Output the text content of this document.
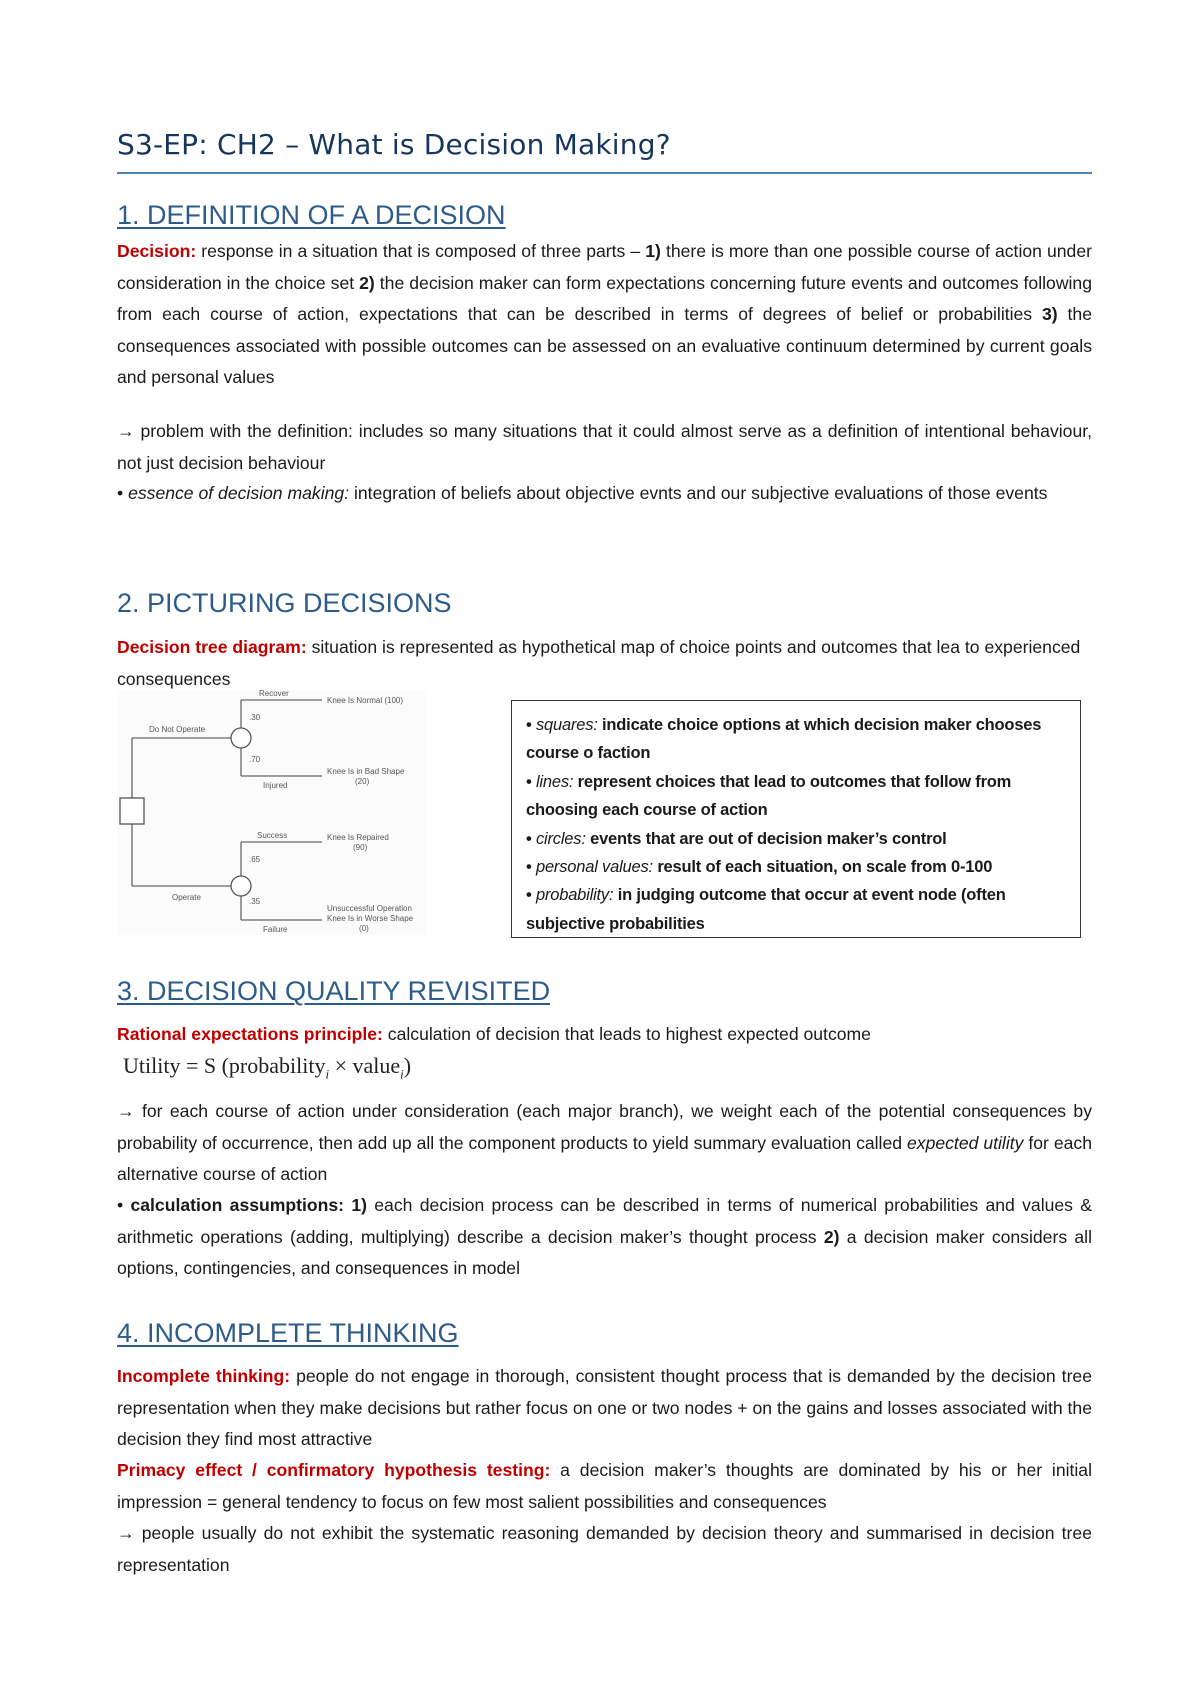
S3-EP: CH2 – What is Decision Making?
1. DEFINITION OF A DECISION
Decision: response in a situation that is composed of three parts – 1) there is more than one possible course of action under consideration in the choice set 2) the decision maker can form expectations concerning future events and outcomes following from each course of action, expectations that can be described in terms of degrees of belief or probabilities 3) the consequences associated with possible outcomes can be assessed on an evaluative continuum determined by current goals and personal values
→ problem with the definition: includes so many situations that it could almost serve as a definition of intentional behaviour, not just decision behaviour
• essence of decision making: integration of beliefs about objective evnts and our subjective evaluations of those events
2. PICTURING DECISIONS
Decision tree diagram: situation is represented as hypothetical map of choice points and outcomes that lea to experienced consequences
Do Not Operate
Operate
Recover
.30
.70
Injured
Knee Is Normal (100)
Knee Is in Bad Shape
(20)
Success
.65
.35
Failure
Knee Is Repaired
(90)
Unsuccessful Operation
Knee Is in Worse Shape
(0)
• squares: indicate choice options at which decision maker chooses course o faction
• lines: represent choices that lead to outcomes that follow from choosing each course of action
• circles: events that are out of decision maker’s control
• personal values: result of each situation, on scale from 0-100
• probability: in judging outcome that occur at event node (often subjective probabilities
3. DECISION QUALITY REVISITED
Rational expectations principle: calculation of decision that leads to highest expected outcome
Utility = S (probability$_i$ × value$_i$)
→ for each course of action under consideration (each major branch), we weight each of the potential consequences by probability of occurrence, then add up all the component products to yield summary evaluation called expected utility for each alternative course of action
• calculation assumptions: 1) each decision process can be described in terms of numerical probabilities and values & arithmetic operations (adding, multiplying) describe a decision maker’s thought process 2) a decision maker considers all options, contingencies, and consequences in model
4. INCOMPLETE THINKING
Incomplete thinking: people do not engage in thorough, consistent thought process that is demanded by the decision tree representation when they make decisions but rather focus on one or two nodes + on the gains and losses associated with the decision they find most attractive
Primacy effect / confirmatory hypothesis testing: a decision maker’s thoughts are dominated by his or her initial impression = general tendency to focus on few most salient possibilities and consequences
→ people usually do not exhibit the systematic reasoning demanded by decision theory and summarised in decision tree representation
